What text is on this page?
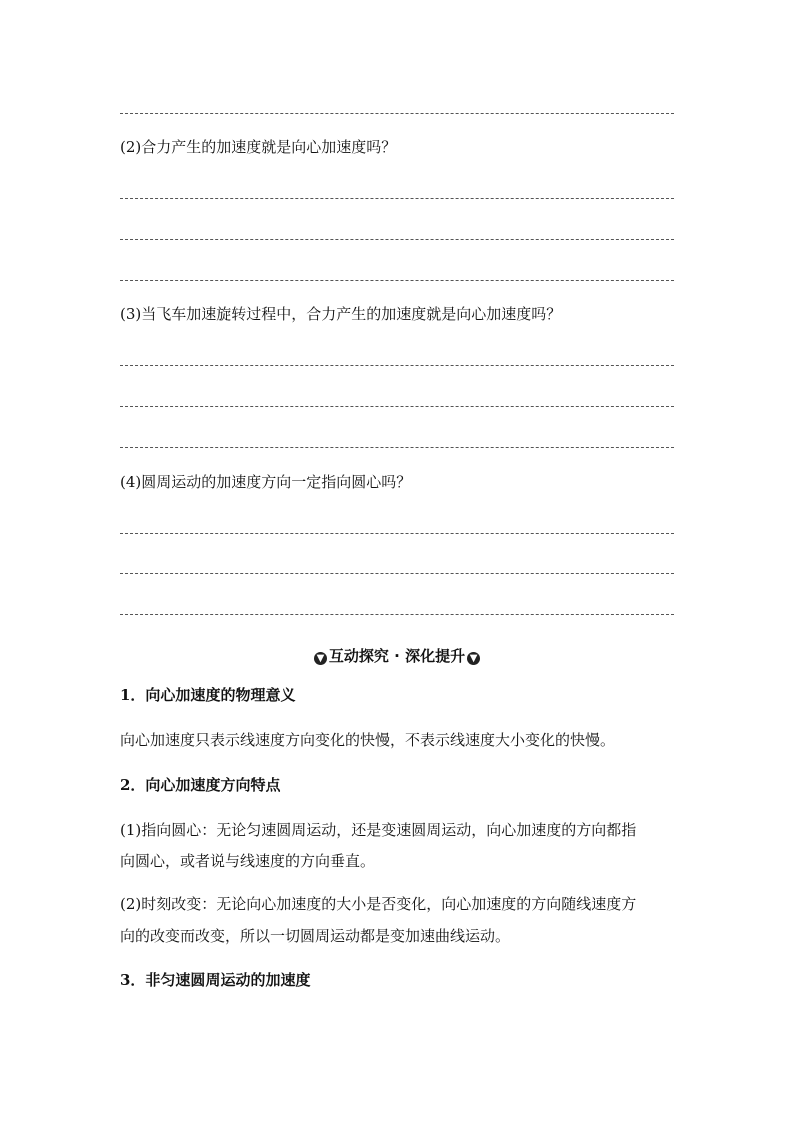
(2)合力产生的加速度就是向心加速度吗？
(3)当飞车加速旋转过程中，合力产生的加速度就是向心加速度吗？
(4)圆周运动的加速度方向一定指向圆心吗？
▼ 互动探究 · 深化提升 ▼
1．向心加速度的物理意义
向心加速度只表示线速度方向变化的快慢，不表示线速度大小变化的快慢。
2．向心加速度方向特点
(1)指向圆心：无论匀速圆周运动，还是变速圆周运动，向心加速度的方向都指
向圆心，或者说与线速度的方向垂直。
(2)时刻改变：无论向心加速度的大小是否变化，向心加速度的方向随线速度方
向的改变而改变，所以一切圆周运动都是变加速曲线运动。
3．非匀速圆周运动的加速度
